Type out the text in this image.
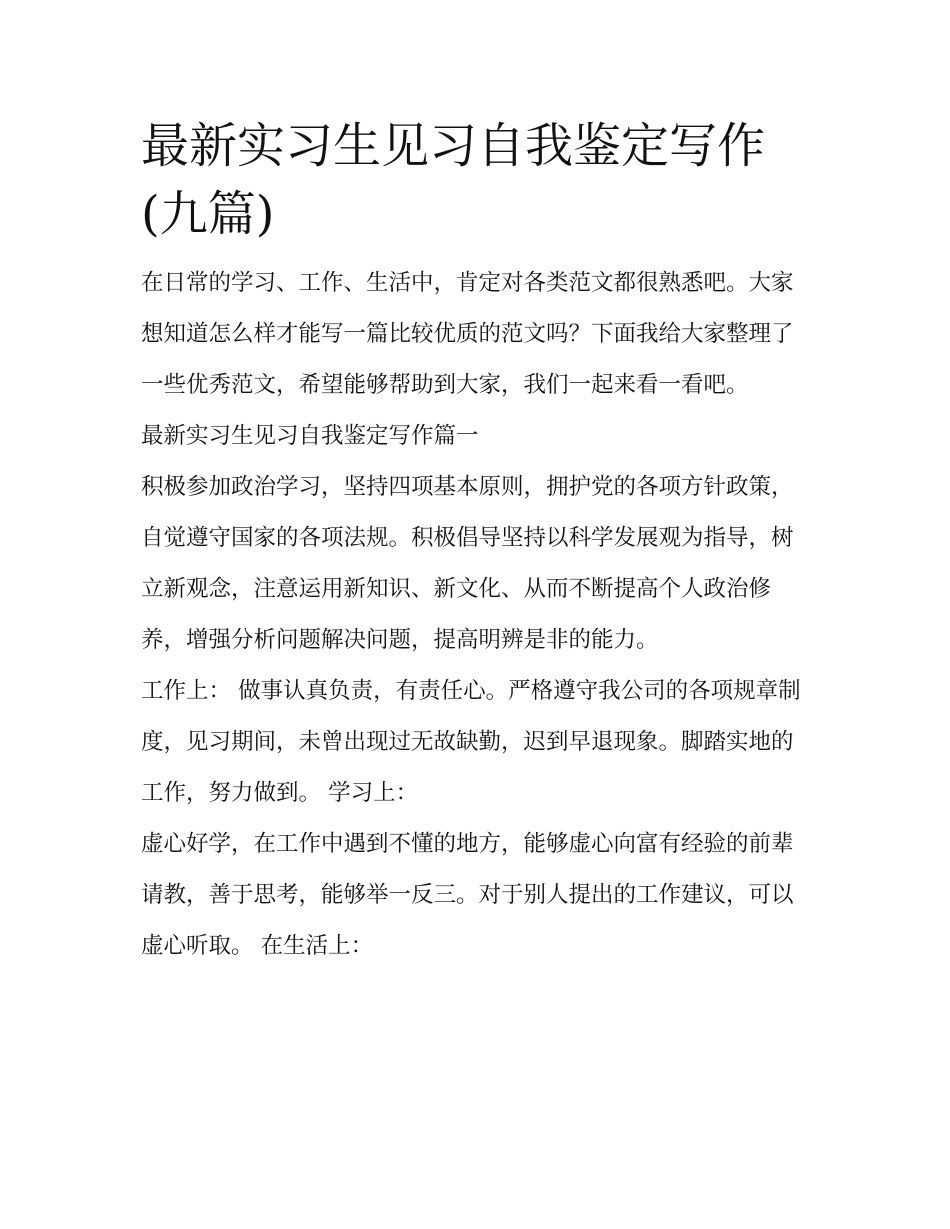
最新实习生见习自我鉴定写作(九篇)

在日常的学习、工作、生活中，肯定对各类范文都很熟悉吧。大家想知道怎么样才能写一篇比较优质的范文吗？下面我给大家整理了一些优秀范文，希望能够帮助到大家，我们一起来看一看吧。

最新实习生见习自我鉴定写作篇一

积极参加政治学习，坚持四项基本原则，拥护党的各项方针政策，自觉遵守国家的各项法规。积极倡导坚持以科学发展观为指导，树立新观念，注意运用新知识、新文化、从而不断提高个人政治修养，增强分析问题解决问题，提高明辨是非的能力。

工作上： 做事认真负责，有责任心。严格遵守我公司的各项规章制度，见习期间，未曾出现过无故缺勤，迟到早退现象。脚踏实地的工作，努力做到。 学习上：

虚心好学，在工作中遇到不懂的地方，能够虚心向富有经验的前辈请教，善于思考，能够举一反三。对于别人提出的工作建议，可以虚心听取。 在生活上：
